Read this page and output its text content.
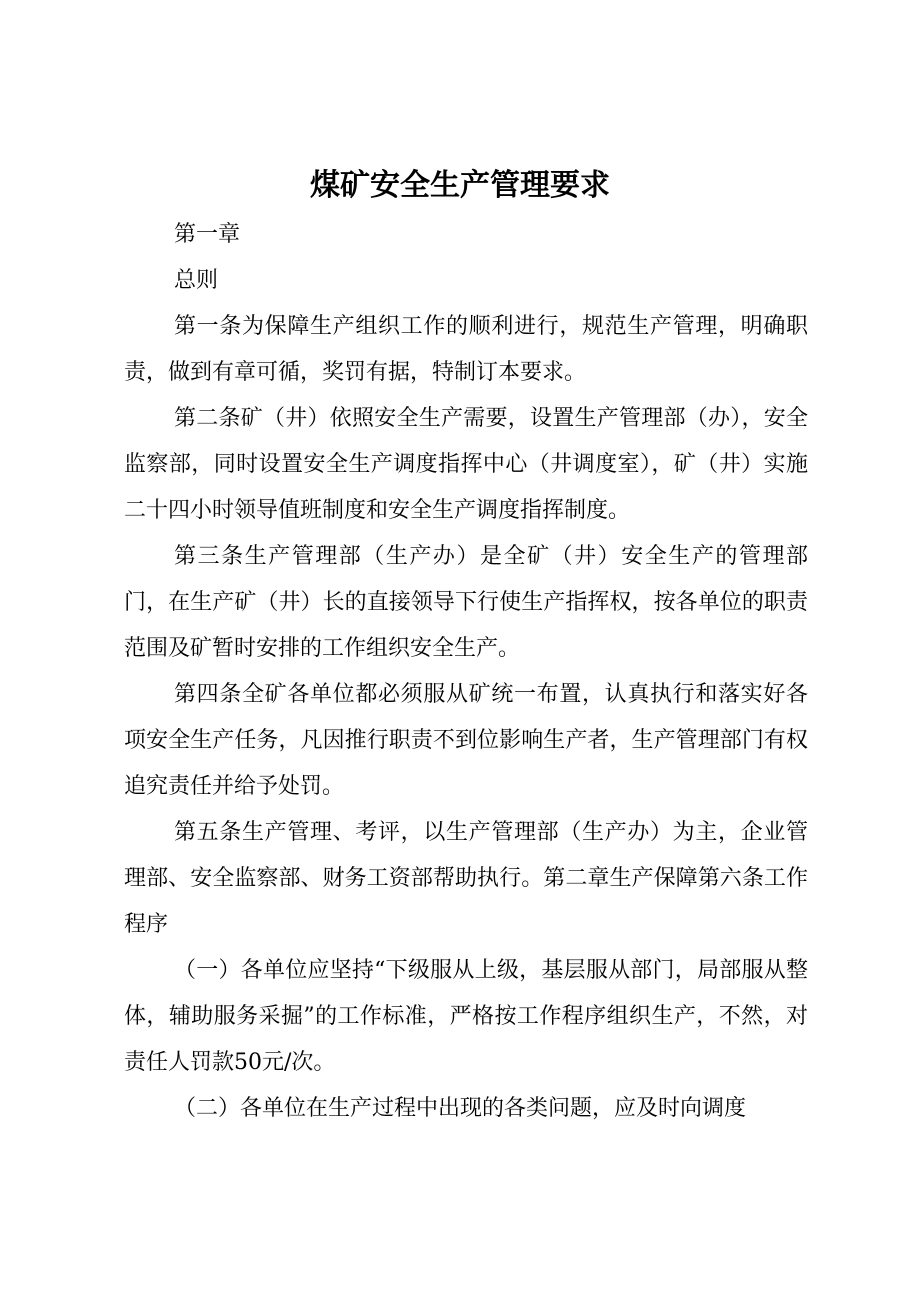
煤矿安全生产管理要求

第一章

总则

第一条为保障生产组织工作的顺利进行，规范生产管理，明确职责，做到有章可循，奖罚有据，特制订本要求。

第二条矿（井）依照安全生产需要，设置生产管理部（办），安全监察部，同时设置安全生产调度指挥中心（井调度室），矿（井）实施二十四小时领导值班制度和安全生产调度指挥制度。

第三条生产管理部（生产办）是全矿（井）安全生产的管理部门，在生产矿（井）长的直接领导下行使生产指挥权，按各单位的职责范围及矿暂时安排的工作组织安全生产。

第四条全矿各单位都必须服从矿统一布置，认真执行和落实好各项安全生产任务，凡因推行职责不到位影响生产者，生产管理部门有权追究责任并给予处罚。

第五条生产管理、考评，以生产管理部（生产办）为主，企业管理部、安全监察部、财务工资部帮助执行。第二章生产保障第六条工作程序

（一）各单位应坚持“下级服从上级，基层服从部门，局部服从整体，辅助服务采掘”的工作标准，严格按工作程序组织生产，不然，对责任人罚款50元/次。

（二）各单位在生产过程中出现的各类问题，应及时向调度
